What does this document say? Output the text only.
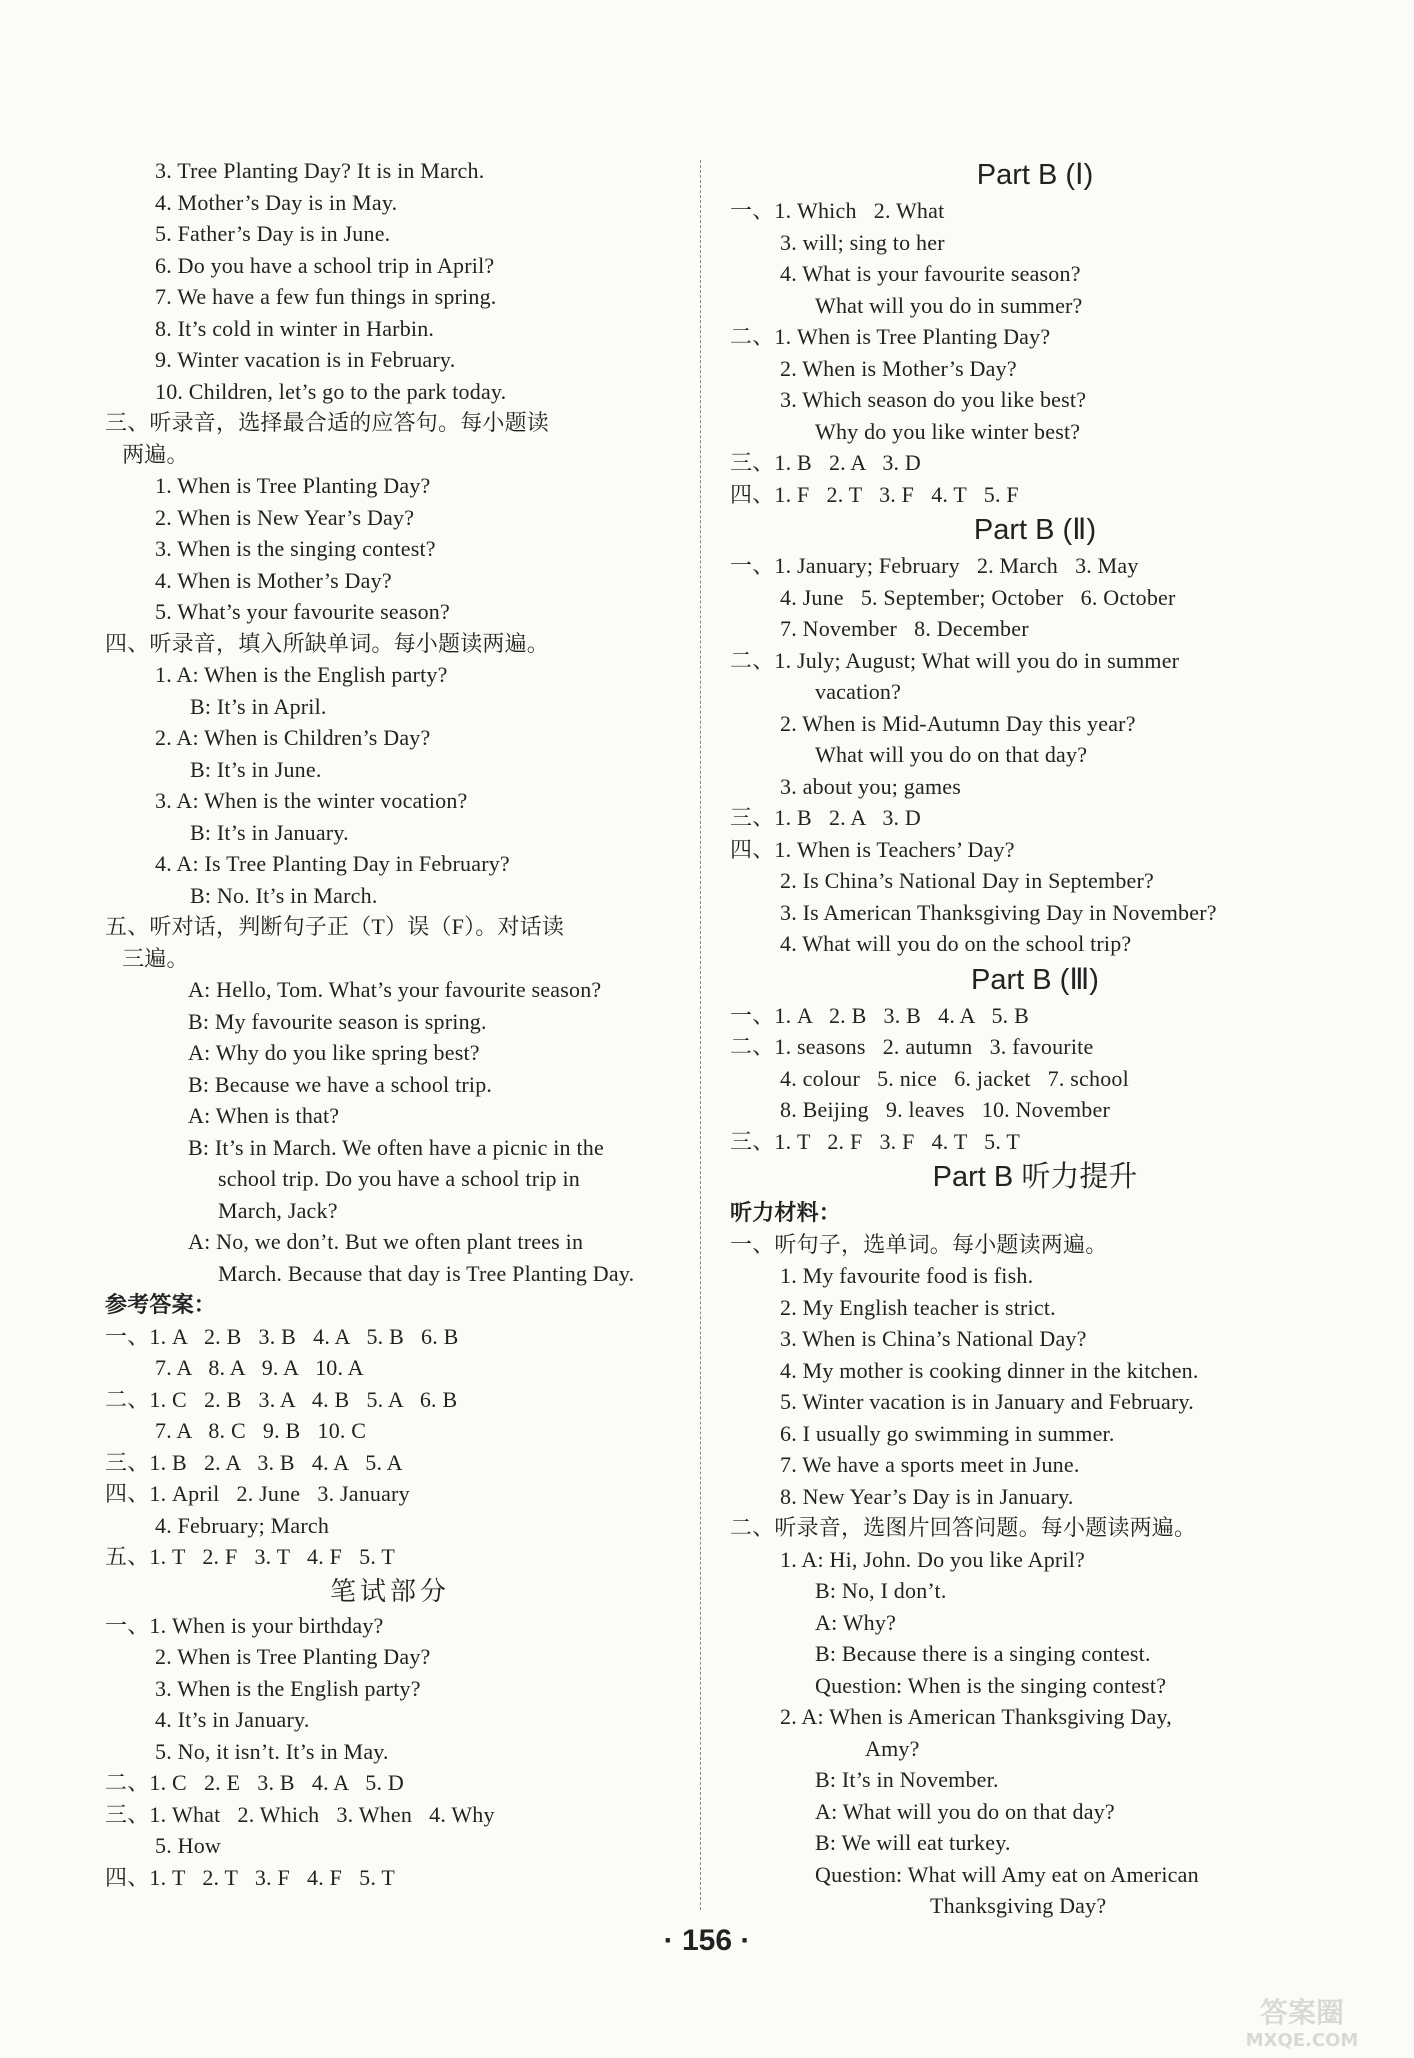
3. Tree Planting Day? It is in March.
4. Mother’s Day is in May.
5. Father’s Day is in June.
6. Do you have a school trip in April?
7. We have a few fun things in spring.
8. It’s cold in winter in Harbin.
9. Winter vacation is in February.
10. Children, let’s go to the park today.
三、听录音，选择最合适的应答句。每小题读
两遍。
1. When is Tree Planting Day?
2. When is New Year’s Day?
3. When is the singing contest?
4. When is Mother’s Day?
5. What’s your favourite season?
四、听录音，填入所缺单词。每小题读两遍。
1. A: When is the English party?
B: It’s in April.
2. A: When is Children’s Day?
B: It’s in June.
3. A: When is the winter vocation?
B: It’s in January.
4. A: Is Tree Planting Day in February?
B: No. It’s in March.
五、听对话，判断句子正（T）误（F）。对话读
三遍。
A: Hello, Tom. What’s your favourite season?
B: My favourite season is spring.
A: Why do you like spring best?
B: Because we have a school trip.
A: When is that?
B: It’s in March. We often have a picnic in the
school trip. Do you have a school trip in
March, Jack?
A: No, we don’t. But we often plant trees in
March. Because that day is Tree Planting Day.
参考答案：
一、1. A   2. B   3. B   4. A   5. B   6. B
7. A   8. A   9. A   10. A
二、1. C   2. B   3. A   4. B   5. A   6. B
7. A   8. C   9. B   10. C
三、1. B   2. A   3. B   4. A   5. A
四、1. April   2. June   3. January
4. February; March
五、1. T   2. F   3. T   4. F   5. T
笔试部分
一、1. When is your birthday?
2. When is Tree Planting Day?
3. When is the English party?
4. It’s in January.
5. No, it isn’t. It’s in May.
二、1. C   2. E   3. B   4. A   5. D
三、1. What   2. Which   3. When   4. Why
5. How
四、1. T   2. T   3. F   4. F   5. T
Part B (Ⅰ)
一、1. Which   2. What
3. will; sing to her
4. What is your favourite season?
What will you do in summer?
二、1. When is Tree Planting Day?
2. When is Mother’s Day?
3. Which season do you like best?
Why do you like winter best?
三、1. B   2. A   3. D
四、1. F   2. T   3. F   4. T   5. F
Part B (Ⅱ)
一、1. January; February   2. March   3. May
4. June   5. September; October   6. October
7. November   8. December
二、1. July; August; What will you do in summer
vacation?
2. When is Mid-Autumn Day this year?
What will you do on that day?
3. about you; games
三、1. B   2. A   3. D
四、1. When is Teachers’ Day?
2. Is China’s National Day in September?
3. Is American Thanksgiving Day in November?
4. What will you do on the school trip?
Part B (Ⅲ)
一、1. A   2. B   3. B   4. A   5. B
二、1. seasons   2. autumn   3. favourite
4. colour   5. nice   6. jacket   7. school
8. Beijing   9. leaves   10. November
三、1. T   2. F   3. F   4. T   5. T
Part B 听力提升
听力材料：
一、听句子，选单词。每小题读两遍。
1. My favourite food is fish.
2. My English teacher is strict.
3. When is China’s National Day?
4. My mother is cooking dinner in the kitchen.
5. Winter vacation is in January and February.
6. I usually go swimming in summer.
7. We have a sports meet in June.
8. New Year’s Day is in January.
二、听录音，选图片回答问题。每小题读两遍。
1. A: Hi, John. Do you like April?
B: No, I don’t.
A: Why?
B: Because there is a singing contest.
Question: When is the singing contest?
2. A: When is American Thanksgiving Day,
Amy?
B: It’s in November.
A: What will you do on that day?
B: We will eat turkey.
Question: What will Amy eat on American
Thanksgiving Day?
· 156 ·
答案圈
MXQE.COM
